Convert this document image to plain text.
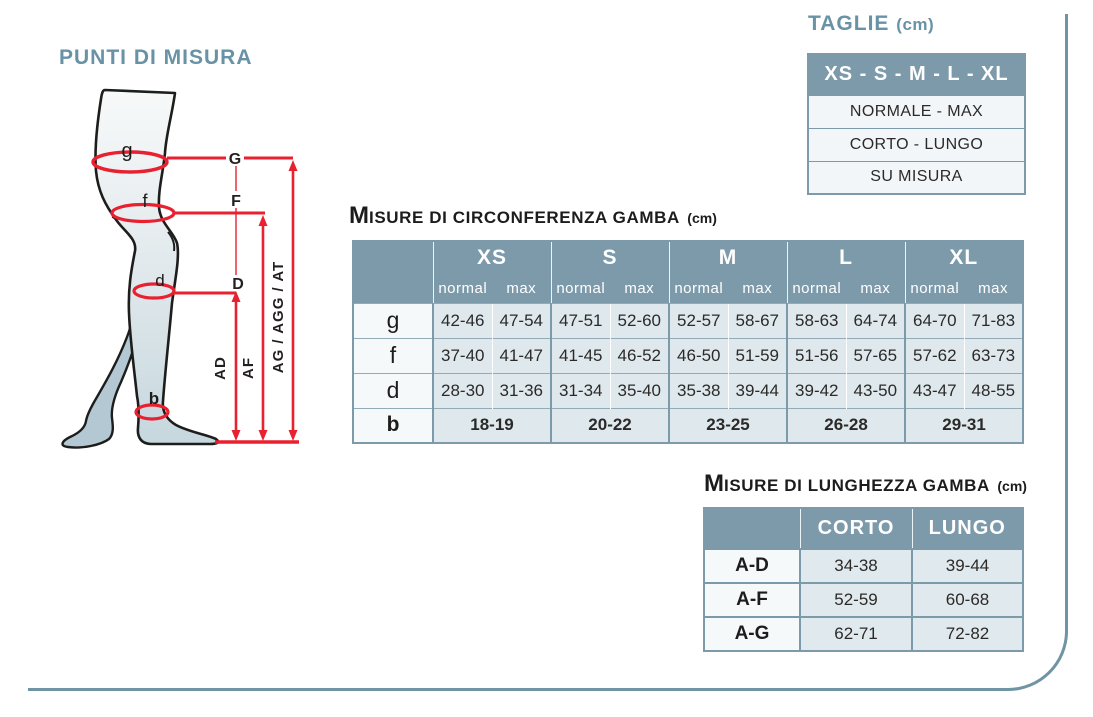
PUNTI DI MISURA
g
f
d
b
G
F
D
AD AF AG / AGG / AT
TAGLIE (cm)
XS - S - M - L - XL
NORMALE - MAX
CORTO - LUNGO
SU MISURA
MISURE DI CIRCONFERENZA GAMBA (cm)
	XS		S		M		L		XL	
	normal	max	normal	max	normal	max	normal	max	normal	max
g	42-46	47-54	47-51	52-60	52-57	58-67	58-63	64-74	64-70	71-83
f	37-40	41-47	41-45	46-52	46-50	51-59	51-56	57-65	57-62	63-73
d	28-30	31-36	31-34	35-40	35-38	39-44	39-42	43-50	43-47	48-55
b	18-19		20-22		23-25		26-28		29-31	
MISURE DI LUNGHEZZA GAMBA (cm)
	CORTO	LUNGO
A-D	34-38	39-44
A-F	52-59	60-68
A-G	62-71	72-82
